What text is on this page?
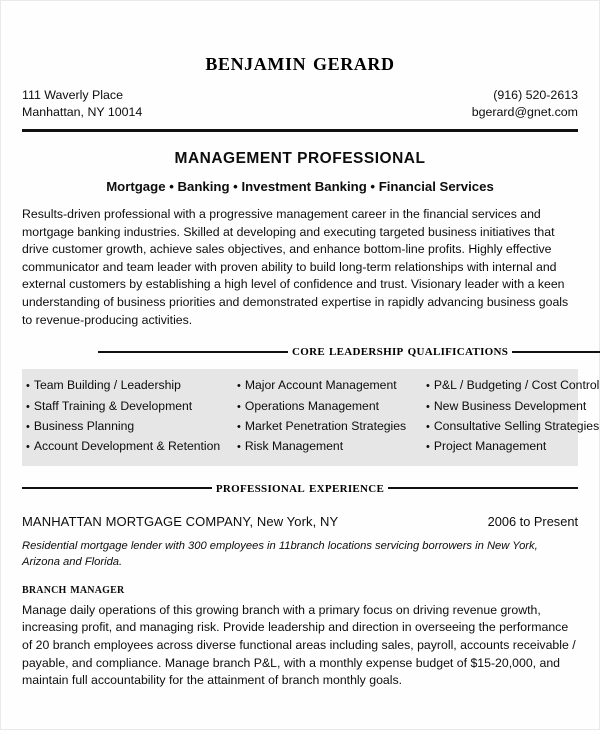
benjamin gerard
111 Waverly Place
Manhattan, NY 10014
(916) 520-2613
bgerard@gnet.com
MANAGEMENT PROFESSIONAL
Mortgage • Banking • Investment Banking • Financial Services

Results-driven professional with a progressive management career in the financial services and mortgage banking industries. Skilled at developing and executing targeted business initiatives that drive customer growth, achieve sales objectives, and enhance bottom-line profits. Highly effective communicator and team leader with proven ability to build long-term relationships with internal and external customers by establishing a high level of confidence and trust. Visionary leader with a keen understanding of business priorities and demonstrated expertise in rapidly advancing business goals to revenue-producing activities.

core leadership qualifications
• Team Building / Leadership
• Staff Training & Development
• Business Planning
• Account Development & Retention
• Major Account Management
• Operations Management
• Market Penetration Strategies
• Risk Management
• P&L / Budgeting / Cost Control
• New Business Development
• Consultative Selling Strategies
• Project Management
professional experience
MANHATTAN MORTGAGE COMPANY, New York, NY	2006 to Present
Residential mortgage lender with 300 employees in 11branch locations servicing borrowers in New York, Arizona and Florida.
branch manager

Manage daily operations of this growing branch with a primary focus on driving revenue growth, increasing profit, and managing risk. Provide leadership and direction in overseeing the performance of 20 branch employees across diverse functional areas including sales, payroll, accounts receivable / payable, and compliance. Manage branch P&L, with a monthly expense budget of $15-20,000, and maintain full accountability for the attainment of branch monthly goals.
